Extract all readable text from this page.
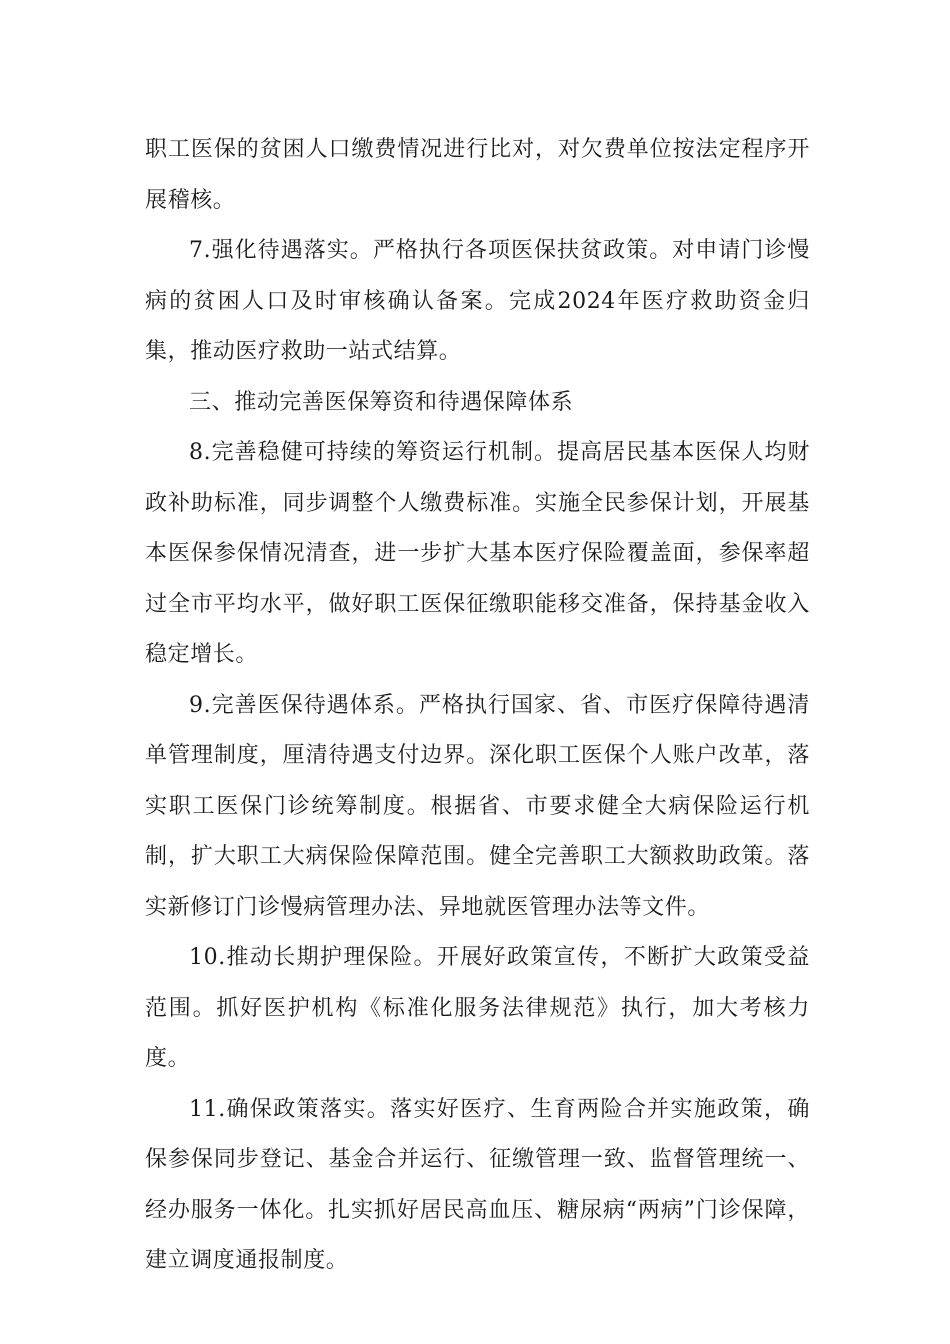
职工医保的贫困人口缴费情况进行比对，对欠费单位按法定程序开展稽核。

7.强化待遇落实。严格执行各项医保扶贫政策。对申请门诊慢病的贫困人口及时审核确认备案。完成2024年医疗救助资金归集，推动医疗救助一站式结算。

三、推动完善医保筹资和待遇保障体系

8.完善稳健可持续的筹资运行机制。提高居民基本医保人均财政补助标准，同步调整个人缴费标准。实施全民参保计划，开展基本医保参保情况清查，进一步扩大基本医疗保险覆盖面，参保率超过全市平均水平，做好职工医保征缴职能移交准备，保持基金收入稳定增长。

9.完善医保待遇体系。严格执行国家、省、市医疗保障待遇清单管理制度，厘清待遇支付边界。深化职工医保个人账户改革，落实职工医保门诊统筹制度。根据省、市要求健全大病保险运行机制，扩大职工大病保险保障范围。健全完善职工大额救助政策。落实新修订门诊慢病管理办法、异地就医管理办法等文件。

10.推动长期护理保险。开展好政策宣传，不断扩大政策受益范围。抓好医护机构《标准化服务法律规范》执行，加大考核力度。

11.确保政策落实。落实好医疗、生育两险合并实施政策，确保参保同步登记、基金合并运行、征缴管理一致、监督管理统一、经办服务一体化。扎实抓好居民高血压、糖尿病“两病”门诊保障，建立调度通报制度。
